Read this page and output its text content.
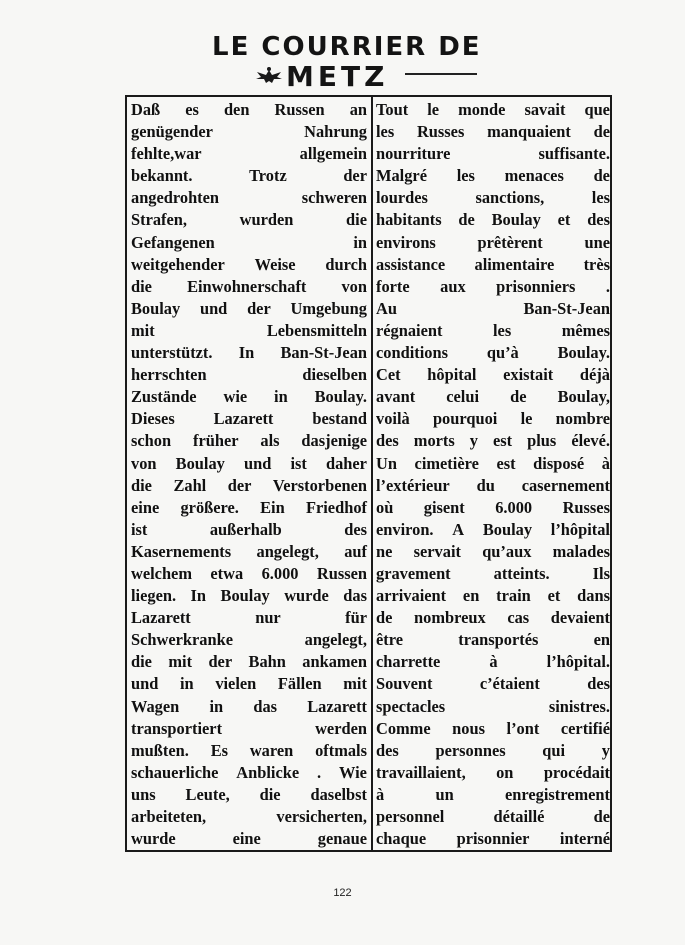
LE COURRIER DE
METZ
Daß es den Russen an
genügender	Nahrung
fehlte,war	allgemein
bekannt.	Trotz	der
angedrohten	schweren
Strafen,	wurden	die
Gefangenen	in
weitgehender Weise durch
die Einwohnerschaft von
Boulay und der Umgebung
mit	Lebensmitteln
unterstützt. In Ban-St-Jean
herrschten	dieselben
Zustände wie in Boulay.
Dieses Lazarett bestand
schon früher als dasjenige
von Boulay und ist daher
die Zahl der Verstorbenen
eine größere. Ein Friedhof
ist	außerhalb	des
Kasernements angelegt, auf
welchem etwa 6.000 Russen
liegen. In Boulay wurde das
Lazarett	nur	für
Schwerkranke	angelegt,
die mit der Bahn ankamen
und in vielen Fällen mit
Wagen in das Lazarett
transportiert	werden
mußten. Es waren oftmals
schauerliche Anblicke . Wie
uns Leute, die daselbst
arbeiteten,	versicherten,
wurde	eine	genaue
Tout le monde savait que
les Russes manquaient de
nourriture	suffisante.
Malgré les menaces de
lourdes	sanctions,	les
habitants de Boulay et des
environs	prêtèrent	une
assistance alimentaire très
forte aux prisonniers .
Au	Ban-St-Jean
régnaient	les	mêmes
conditions qu’à Boulay.
Cet hôpital existait déjà
avant celui de Boulay,
voilà pourquoi le nombre
des morts y est plus élevé.
Un cimetière est disposé à
l’extérieur du casernement
où gisent 6.000 Russes
environ. A Boulay l’hôpital
ne servait qu’aux malades
gravement	atteints.	Ils
arrivaient en train et dans
de nombreux cas devaient
être	transportés	en
charrette	à	l’hôpital.
Souvent	c’étaient	des
spectacles	sinistres.
Comme nous l’ont certifié
des personnes qui y
travaillaient, on procédait
à	un	enregistrement
personnel	détaillé	de
chaque prisonnier interné
122
